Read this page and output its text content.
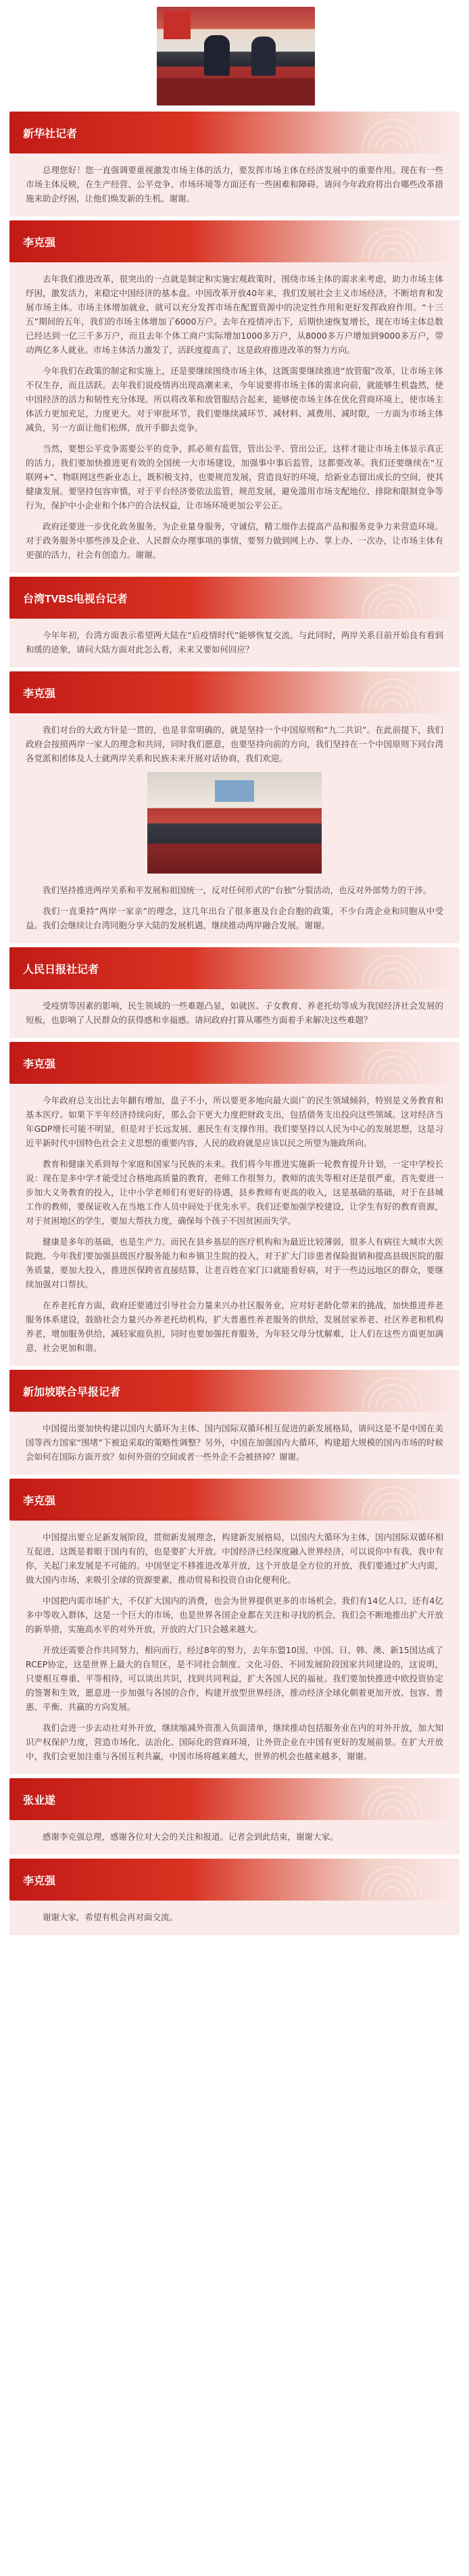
新华社记者

总理您好！您一直强调要重视激发市场主体的活力，要发挥市场主体在经济发展中的重要作用。现在有一些市场主体反映，在生产经营、公平竞争、市场环境等方面还有一些困难和障碍。请问今年政府将出台哪些改革措施来助企纾困，让他们焕发新的生机。谢谢。

李克强

去年我们推进改革，很突出的一点就是制定和实施宏观政策时，围绕市场主体的需求来考虑，助力市场主体纾困，激发活力，来稳定中国经济的基本盘。中国改革开放40年来，我们发展社会主义市场经济，不断培育和发展市场主体。市场主体增加就业，就可以充分发挥市场在配置资源中的决定性作用和更好发挥政府作用。“十三五”期间的五年，我们的市场主体增加了6000万户。去年在疫情冲击下，后期快速恢复增长，现在市场主体总数已经达到一亿三千多万户，而且去年个体工商户实际增加1000多万户，从8000多万户增加到9000多万户，带动两亿多人就业。市场主体活力激发了，活跃度提高了，这是政府推进改革的努力方向。

今年我们在政策的制定和实施上，还是要继续围绕市场主体，这既需要继续推进“放管服”改革，让市场主体不仅生存，而且活跃。去年我们说疫情再出现高潮来来，今年说要将市场主体的需求向前，就能够生机盎然，使中国经济的活力和韧性充分体现。所以将改革和放管服结合起来，能够使市场主体在优化营商环境上，使市场主体活力更加充足，力度更大。对于审批环节，我们要继续减环节、减材料、减费用、减时限，一方面为市场主体减负，另一方面让他们松绑，放开手脚去竞争。

当然，要想公平竞争需要公平的竞争，抓必须有监管，管出公平、管出公正，这样才能让市场主体显示真正的活力。我们要加快推进更有效的全国统一大市场建设，加强事中事后监管，这都要改革。我们还要继续在“互联网+”、物联网这些新业态上，既积极支持，也要规范发展，营造良好的环境，给新业态留出成长的空间，使其健康发展。要坚持包容审慎，对于平台经济要依法监管，规范发展，避免滥用市场支配地位、排除和限制竞争等行为，保护中小企业和个体户的合法权益，让市场环境更加公平公正。

政府还要进一步优化政务服务，为企业量身服务，守诚信，精工细作去提高产品和服务竞争力来营造环境。对于政务服务中那些涉及企业、人民群众办理事项的事情，要努力做到网上办、掌上办、一次办，让市场主体有更强的活力，社会有创造力。谢谢。

台湾TVBS电视台记者

今年年初，台湾方面表示希望两大陆在“后疫情时代”能够恢复交流。与此同时，两岸关系目前开始良有看到和缓的迹象，请问大陆方面对此怎么看，未来又要如何回应？

李克强

我们对台的大政方针是一贯的，也是非常明确的，就是坚持一个中国原则和“九二共识”。在此前提下，我们政府会按照两岸一家人的理念和共同，同时我们愿意，也要坚持向前的方向，我们坚持在一个中国原则下同台湾各党派和团体及人士就两岸关系和民族未来开展对话协商，我们欢迎。

我们坚持推进两岸关系和平发展和祖国统一，反对任何形式的“台独”分裂活动，也反对外部势力的干涉。

我们一直秉持“两岸一家亲”的理念，这几年出台了很多惠及台企台胞的政策，不少台湾企业和同胞从中受益。我们会继续让台湾同胞分享大陆的发展机遇，继续推动两岸融合发展。谢谢。

人民日报社记者

受疫情等因素的影响，民生领域的一些难题凸显，如就医、子女教育、养老托幼等成为我国经济社会发展的短板，也影响了人民群众的获得感和幸福感。请问政府打算从哪些方面着手来解决这些难题？

李克强

今年政府总支出比去年翻有增加，盘子不小，所以要更多地向最大面广的民生领域倾斜，特别是义务教育和基本医疗。如果下半年经济持续向好，那么会下更大力度把财政支出，包括债务支出投向这些领域。这对经济当年GDP增长可能不明显，但是对于长远发展、惠民生有支撑作用。我们要坚持以人民为中心的发展思想，这是习近平新时代中国特色社会主义思想的重要内容，人民的政府就是应该以民之所望为施政所向。

教育和健康关系到每个家庭和国家与民族的未来。我们将今年推进实施新一轮教育提升计划，一定中学校长说：现在是多中学才能受过合格地高质量的教育，老师工作很努力，教师的流失等相对还是很严重，首先要进一步加大义务教育的投入，让中小学老师们有更好的待遇，县乡教师有更高的收入，这是基础的基础，对于在县城工作的教师，要保证收入在当地工作人员中间处于优先水平。我们还要加强学校建设，让学生有好的教育资源，对于贫困地区的学生，要加大帮扶力度，确保每个孩子不因贫困而失学。

健康是多年的基础，也是生产力。而民在县乡基层的医疗机构和为最近比较薄弱，很多人有病往大城市大医院跑。今年我们要加强县级医疗服务能力和乡镇卫生院的投入，对于扩大门诊患者保险报销和提高县级医院的服务质量，要加大投入，推进医保跨省直接结算，让老百姓在家门口就能看好病，对于一些边远地区的群众，要继续加强对口帮扶。

在养老托育方面，政府还要通过引导社会力量来兴办社区服务业，应对好老龄化带来的挑战，加快推进养老服务体系建设，鼓励社会力量兴办养老托幼机构，扩大普惠性养老服务的供给，发展居家养老、社区养老和机构养老，增加服务供给，减轻家庭负担，同时也要加强托育服务，为年轻父母分忧解难，让人们在这些方面更加满意，社会更加和谐。

新加坡联合早报记者

中国提出要加快构建以国内大循环为主体、国内国际双循环相互促进的新发展格局，请问这是不是中国在美国等西方国家“围堵”下被迫采取的策略性调整？另外，中国在加强国内大循环，构建超大规模的国内市场的时候会如何在国际方面开放？如何外资的空间或者一些外企不会被挤掉？谢谢。

李克强

中国提出要立足新发展阶段，贯彻新发展理念，构建新发展格局，以国内大循环为主体，国内国际双循环相互促进，这既是着眼于国内有的，也是要扩大开放。中国经济已经深度融入世界经济，可以说你中有我，我中有你，关起门来发展是不可能的。中国坚定不移推进改革开放，这个开放是全方位的开放，我们要通过扩大内需，做大国内市场，来吸引全球的资源要素，推动贸易和投资自由化便利化。

中国把内需市场扩大，不仅扩大国内的消费，也会为世界提供更多的市场机会。我们有14亿人口，还有4亿多中等收入群体，这是一个巨大的市场，也是世界各国企业都在关注和寻找的机会，我们会不断地推出扩大开放的新举措，实施高水平的对外开放，开放的大门只会越来越大。

开放还需要合作共同努力，相向而行。经过8年的努力，去年东盟10国、中国、日、韩、澳、新15国达成了RCEP协定，这是世界上最大的自贸区，是不同社会制度、文化习俗、不同发展阶段国家共同建设的，这说明，只要相互尊重、平等相待，可以谈出共识，找到共同利益，扩大各国人民的福祉。我们要加快推进中欧投资协定的签署和生效，愿意进一步加强与各国的合作，构建开放型世界经济，推动经济全球化朝着更加开放、包容、普惠、平衡、共赢的方向发展。

我们会进一步去动社对外开放，继续缩减外资准入负面清单，继续推动包括服务业在内的对外开放，加大知识产权保护力度，营造市场化、法治化、国际化的营商环境，让外资企业在中国有更好的发展前景。在扩大开放中，我们会更加注重与各国互利共赢，中国市场将越来越大，世界的机会也越来越多，谢谢。

张业遂

感谢李克强总理，感谢各位对大会的关注和报道。记者会到此结束，谢谢大家。

李克强

谢谢大家，希望有机会再对面交流。
